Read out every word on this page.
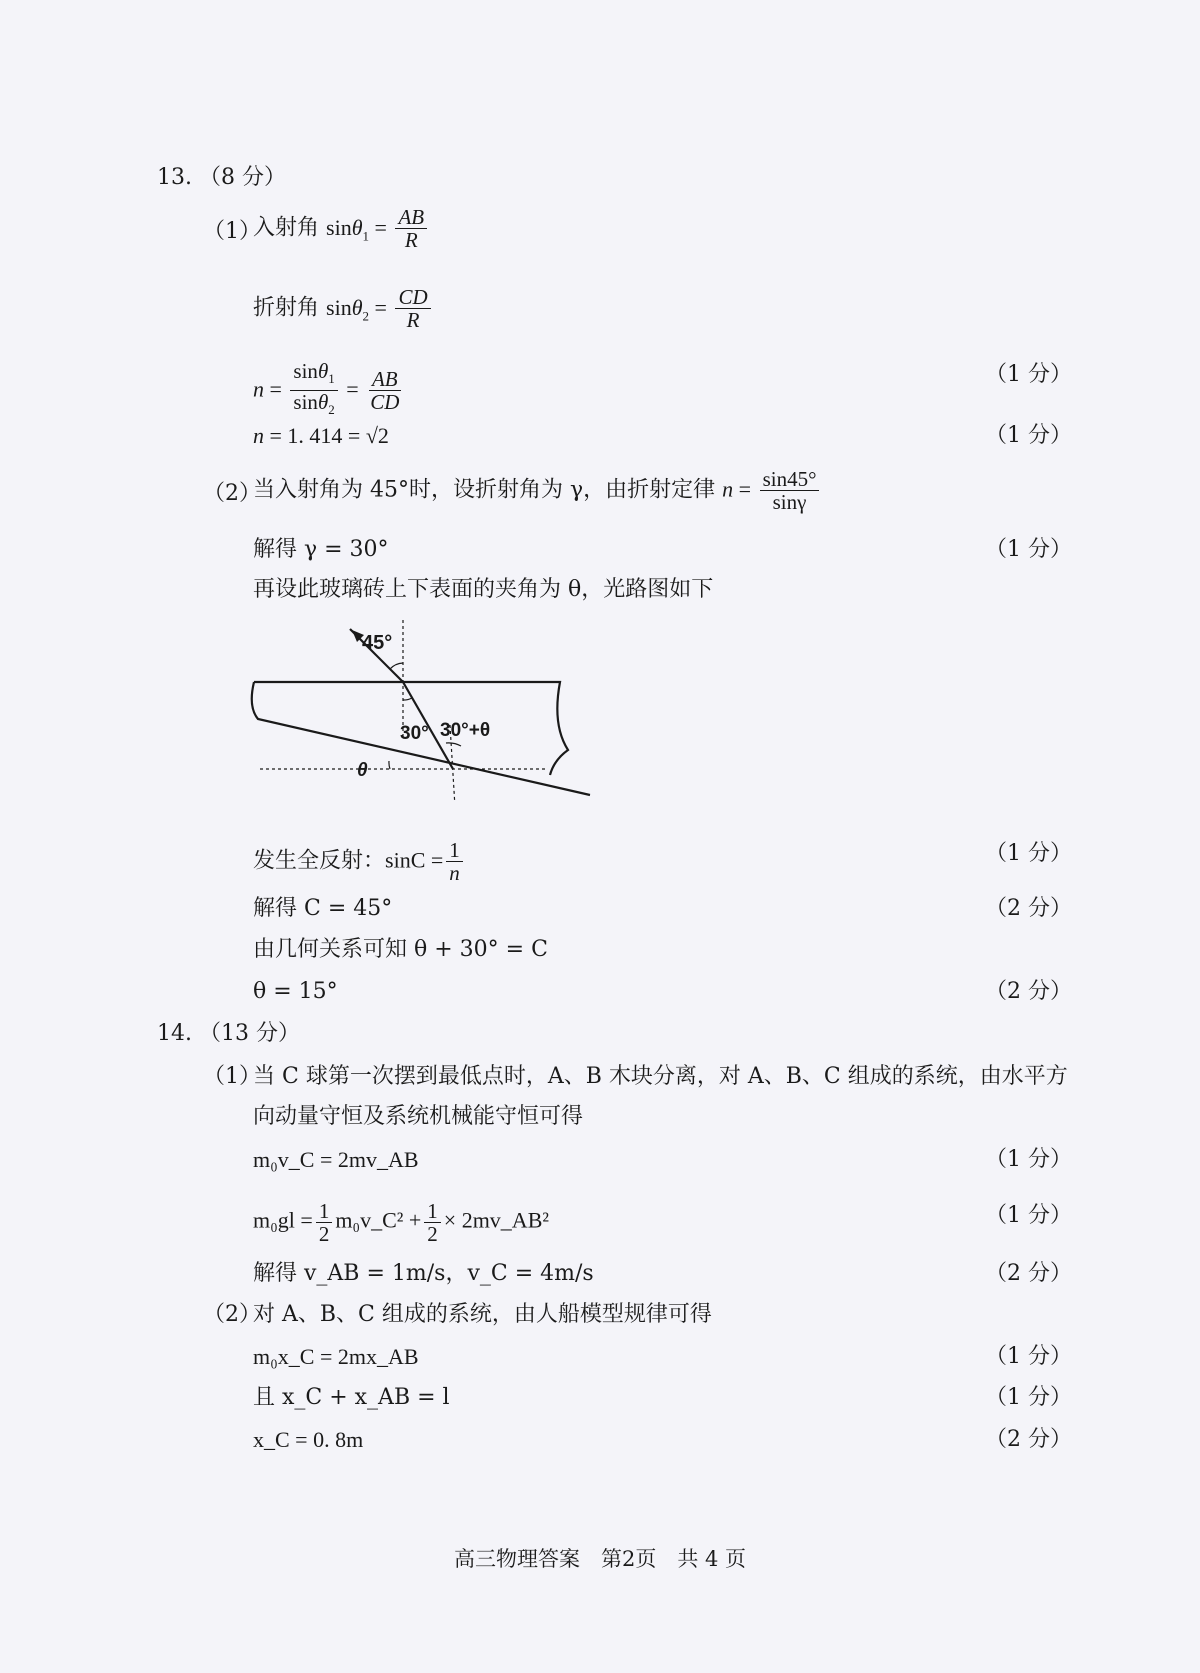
13. （8 分）
（1）
入射角 $\sin\theta_1 = \frac{AB}{R}$
折射角 $\sin\theta_2 = \frac{CD}{R}$
$n = \frac{\sin\theta_1}{\sin\theta_2} = \frac{AB}{CD}$	（1 分）
n = 1. 414 = √2	（1 分）
（2）
当入射角为 45°时，设折射角为 γ，由折射定律 $n = \frac{\sin 45^\circ}{\sin\gamma}$
解得 γ = 30°	（1 分）
再设此玻璃砖上下表面的夹角为 θ，光路图如下
45°
30° 30°+θ
θ
发生全反射：$\sin C = \frac{1}{n}$	（1 分）
解得 C = 45°	（2 分）
由几何关系可知 θ + 30° = C
θ = 15°	（2 分）
14. （13 分）
（1）
当 C 球第一次摆到最低点时，A、B 木块分离，对 A、B、C 组成的系统，由水平方
向动量守恒及系统机械能守恒可得
m₀v_C = 2mv_AB	（1 分）
$m_0gl = \frac{1}{2}$ m₀v_C² + $\frac{1}{2}$ × 2mv_AB²	（1 分）
解得 v_AB = 1m/s，v_C = 4m/s	（2 分）
（2）
对 A、B、C 组成的系统，由人船模型规律可得
m₀x_C = 2mx_AB	（1 分）
且 x_C + x_AB = l	（1 分）
x_C = 0. 8m	（2 分）
高三物理答案　第2页　共 4 页
